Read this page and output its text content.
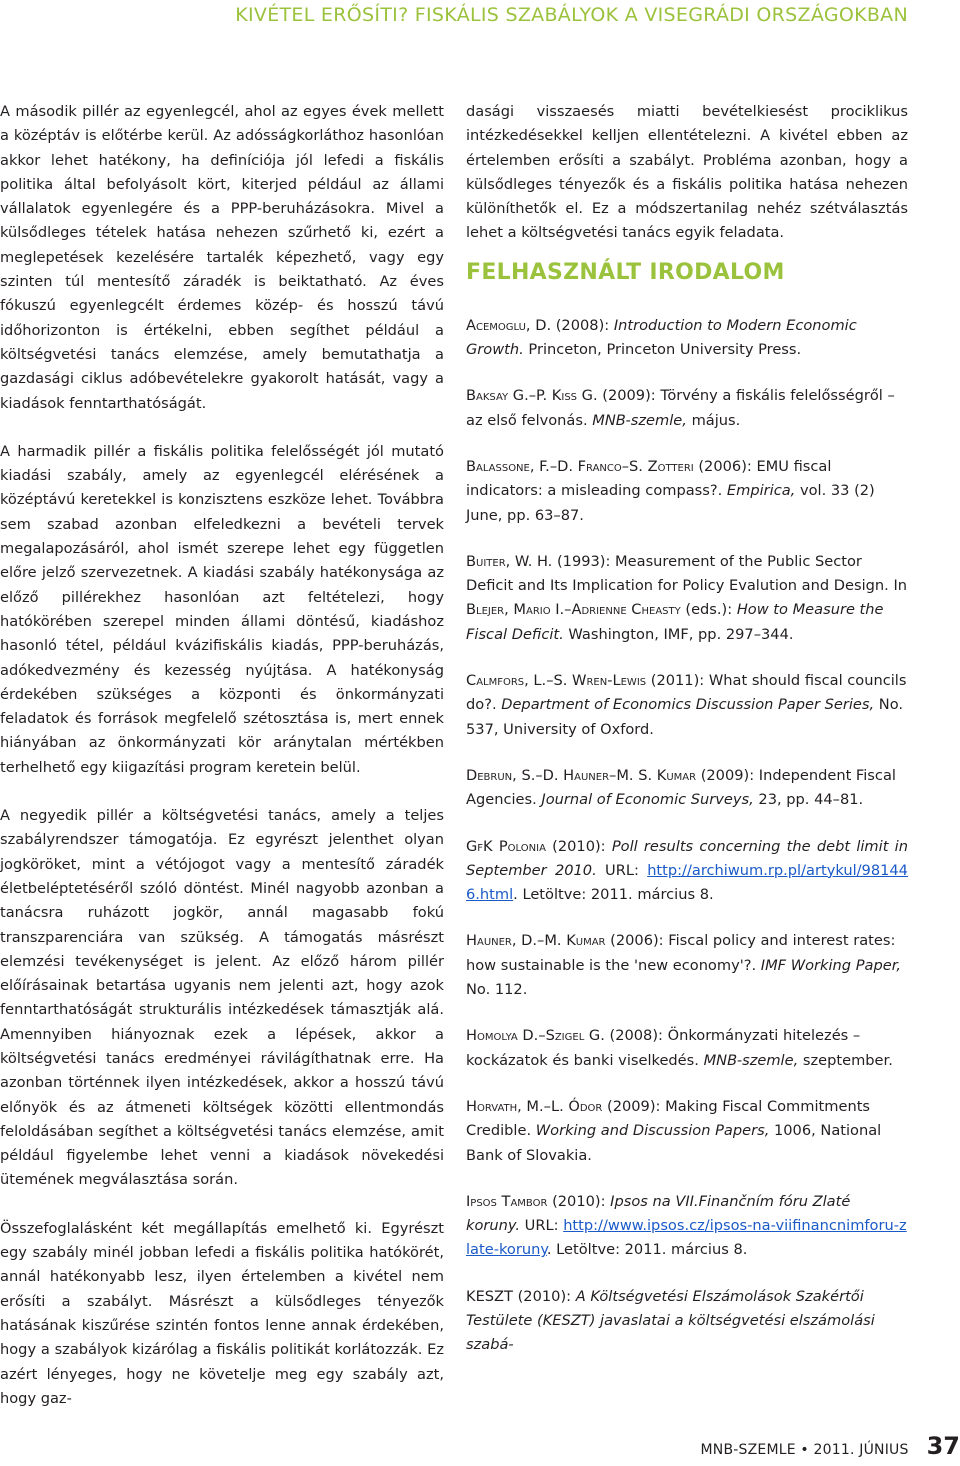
KIVÉTEL ERŐSÍTI? FISKÁLIS SZABÁLYOK A VISEGRÁDI ORSZÁGOKBAN

A második pillér az egyenlegcél, ahol az egyes évek mellett a középtáv is előtérbe kerül. Az adósságkorláthoz hasonlóan akkor lehet hatékony, ha definíciója jól lefedi a fiskális politika által befolyásolt kört, kiterjed például az állami vállalatok egyenlegére és a PPP-beruházásokra. Mivel a külsődleges tételek hatása nehezen szűrhető ki, ezért a meglepetések kezelésére tartalék képezhető, vagy egy szinten túl mentesítő záradék is beiktatható. Az éves fókuszú egyenlegcélt érdemes közép- és hosszú távú időhorizonton is értékelni, ebben segíthet például a költségvetési tanács elemzése, amely bemutathatja a gazdasági ciklus adóbevételekre gyakorolt hatását, vagy a kiadások fenntarthatóságát.

A harmadik pillér a fiskális politika felelősségét jól mutató kiadási szabály, amely az egyenlegcél elérésének a középtávú keretekkel is konzisztens eszköze lehet. Továbbra sem szabad azonban elfeledkezni a bevételi tervek megalapozásáról, ahol ismét szerepe lehet egy független előre jelző szervezetnek. A kiadási szabály hatékonysága az előző pillérekhez hasonlóan azt feltételezi, hogy hatókörében szerepel minden állami döntésű, kiadáshoz hasonló tétel, például kvázifiskális kiadás, PPP-beruházás, adókedvezmény és kezesség nyújtása. A hatékonyság érdekében szükséges a központi és önkormányzati feladatok és források megfelelő szétosztása is, mert ennek hiányában az önkormányzati kör aránytalan mértékben terhelhető egy kiigazítási program keretein belül.

A negyedik pillér a költségvetési tanács, amely a teljes szabályrendszer támogatója. Ez egyrészt jelenthet olyan jogköröket, mint a vétójogot vagy a mentesítő záradék életbeléptetéséről szóló döntést. Minél nagyobb azonban a tanácsra ruházott jogkör, annál magasabb fokú transzparenciára van szükség. A támogatás másrészt elemzési tevékenységet is jelent. Az előző három pillér előírásainak betartása ugyanis nem jelenti azt, hogy azok fenntarthatóságát strukturális intézkedések támasztják alá. Amennyiben hiányoznak ezek a lépések, akkor a költségvetési tanács eredményei rávilágíthatnak erre. Ha azonban történnek ilyen intézkedések, akkor a hosszú távú előnyök és az átmeneti költségek közötti ellentmondás feloldásában segíthet a költségvetési tanács elemzése, amit például figyelembe lehet venni a kiadások növekedési ütemének megválasztása során.

Összefoglalásként két megállapítás emelhető ki. Egyrészt egy szabály minél jobban lefedi a fiskális politika hatókörét, annál hatékonyabb lesz, ilyen értelemben a kivétel nem erősíti a szabályt. Másrészt a külsődleges tényezők hatásának kiszűrése szintén fontos lenne annak érdekében, hogy a szabályok kizárólag a fiskális politikát korlátozzák. Ez azért lényeges, hogy ne követelje meg egy szabály azt, hogy gaz-

dasági visszaesés miatti bevételkiesést prociklikus intézkedésekkel kelljen ellentételezni. A kivétel ebben az értelemben erősíti a szabályt. Probléma azonban, hogy a külsődleges tényezők és a fiskális politika hatása nehezen különíthetők el. Ez a módszertanilag nehéz szétválasztás lehet a költségvetési tanács egyik feladata.

FELHASZNÁLT IRODALOM
Acemoglu, D. (2008): Introduction to Modern Economic Growth. Princeton, Princeton University Press.
Baksay G.–P. Kiss G. (2009): Törvény a fiskális felelősségről – az első felvonás. MNB-szemle, május.
Balassone, F.–D. Franco–S. Zotteri (2006): EMU fiscal indicators: a misleading compass?. Empirica, vol. 33 (2) June, pp. 63–87.
Buiter, W. H. (1993): Measurement of the Public Sector Deficit and Its Implication for Policy Evalution and Design. In Blejer, Mario I.–Adrienne Cheasty (eds.): How to Measure the Fiscal Deficit. Washington, IMF, pp. 297–344.
Calmfors, L.–S. Wren-Lewis (2011): What should fiscal councils do?. Department of Economics Discussion Paper Series, No. 537, University of Oxford.
Debrun, S.–D. Hauner–M. S. Kumar (2009): Independent Fiscal Agencies. Journal of Economic Surveys, 23, pp. 44–81.
GfK Polonia (2010): Poll results concerning the debt limit in September 2010. URL: http://archiwum.rp.pl/artykul/981446.html. Letöltve: 2011. március 8.
Hauner, D.–M. Kumar (2006): Fiscal policy and interest rates: how sustainable is the 'new economy'?. IMF Working Paper, No. 112.
Homolya D.–Szigel G. (2008): Önkormányzati hitelezés – kockázatok és banki viselkedés. MNB-szemle, szeptember.
Horvath, M.–L. Ódor (2009): Making Fiscal Commitments Credible. Working and Discussion Papers, 1006, National Bank of Slovakia.
Ipsos Tambor (2010): Ipsos na VII.Finančním fóru Zlaté koruny. URL: http://www.ipsos.cz/ipsos-na-viifinancnimforu-zlate-koruny. Letöltve: 2011. március 8.
KESZT (2010): A Költségvetési Elszámolások Szakértői Testülete (KESZT) javaslatai a költségvetési elszámolási szabá-
MNB-SZEMLE • 2011. JÚNIUS 37
